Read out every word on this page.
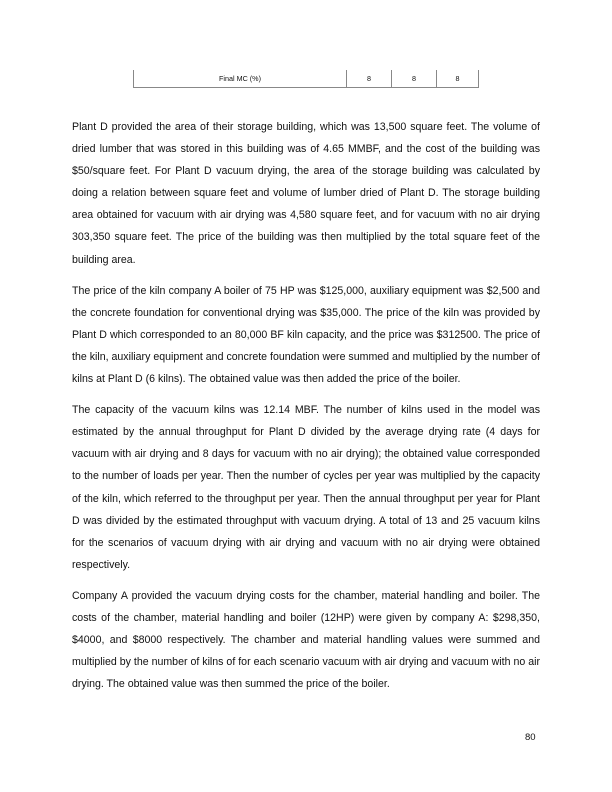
Final MC (%)	8	8	8

Plant D provided the area of their storage building, which was 13,500 square feet. The volume of dried lumber that was stored in this building was of 4.65 MMBF, and the cost of the building was $50/square feet. For Plant D vacuum drying, the area of the storage building was calculated by doing a relation between square feet and volume of lumber dried of Plant D. The storage building area obtained for vacuum with air drying was 4,580 square feet, and for vacuum with no air drying 303,350 square feet. The price of the building was then multiplied by the total square feet of the building area.

The price of the kiln company A boiler of 75 HP was $125,000, auxiliary equipment was $2,500 and the concrete foundation for conventional drying was $35,000. The price of the kiln was provided by Plant D which corresponded to an 80,000 BF kiln capacity, and the price was $312500. The price of the kiln, auxiliary equipment and concrete foundation were summed and multiplied by the number of kilns at Plant D (6 kilns). The obtained value was then added the price of the boiler.

The capacity of the vacuum kilns was 12.14 MBF. The number of kilns used in the model was estimated by the annual throughput for Plant D divided by the average drying rate (4 days for vacuum with air drying and 8 days for vacuum with no air drying); the obtained value corresponded to the number of loads per year. Then the number of cycles per year was multiplied by the capacity of the kiln, which referred to the throughput per year. Then the annual throughput per year for Plant D was divided by the estimated throughput with vacuum drying. A total of 13 and 25 vacuum kilns for the scenarios of vacuum drying with air drying and vacuum with no air drying were obtained respectively.

Company A provided the vacuum drying costs for the chamber, material handling and boiler. The costs of the chamber, material handling and boiler (12HP) were given by company A: $298,350, $4000, and $8000 respectively. The chamber and material handling values were summed and multiplied by the number of kilns of for each scenario vacuum with air drying and vacuum with no air drying. The obtained value was then summed the price of the boiler.

80
